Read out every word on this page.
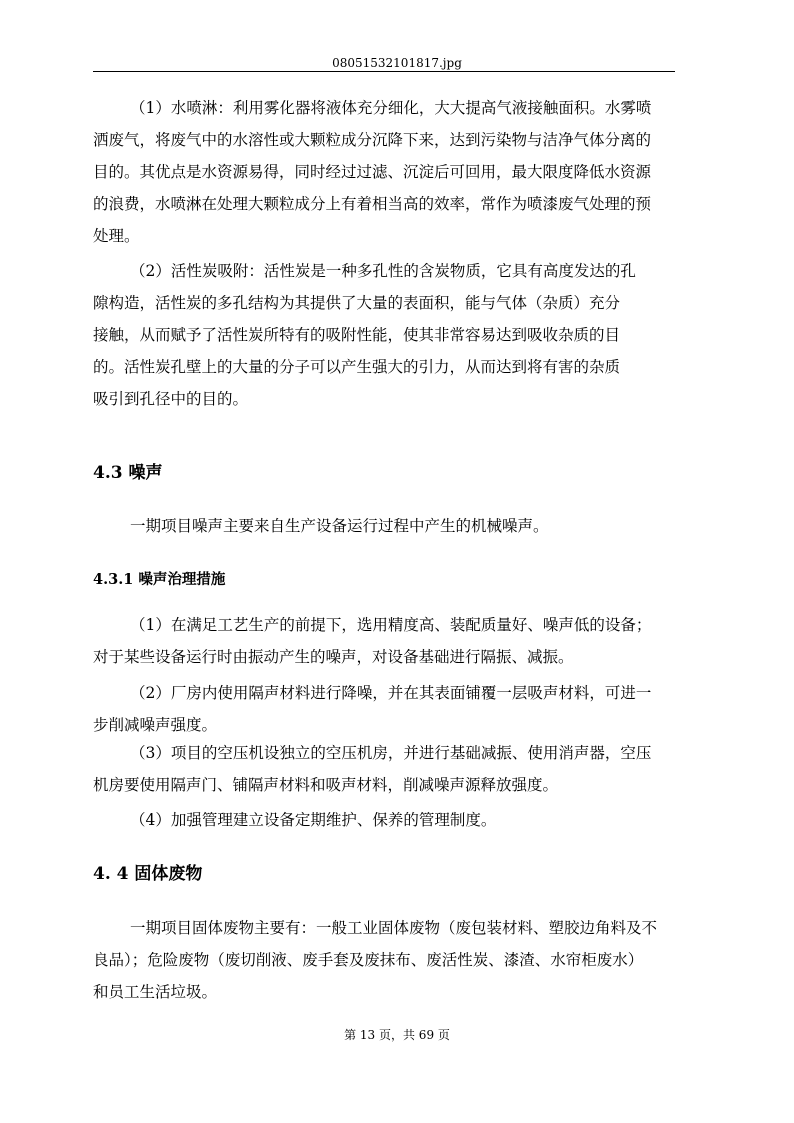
08051532101817.jpg
（1）水喷淋：利用雾化器将液体充分细化，大大提高气液接触面积。水雾喷
洒废气，将废气中的水溶性或大颗粒成分沉降下来，达到污染物与洁净气体分离的
目的。其优点是水资源易得，同时经过过滤、沉淀后可回用，最大限度降低水资源
的浪费，水喷淋在处理大颗粒成分上有着相当高的效率，常作为喷漆废气处理的预
处理。
（2）活性炭吸附：活性炭是一种多孔性的含炭物质，它具有高度发达的孔
隙构造，活性炭的多孔结构为其提供了大量的表面积，能与气体（杂质）充分
接触，从而赋予了活性炭所特有的吸附性能，使其非常容易达到吸收杂质的目
的。活性炭孔壁上的大量的分子可以产生强大的引力，从而达到将有害的杂质
吸引到孔径中的目的。
4.3 噪声
一期项目噪声主要来自生产设备运行过程中产生的机械噪声。
4.3.1 噪声治理措施
（1）在满足工艺生产的前提下，选用精度高、装配质量好、噪声低的设备；
对于某些设备运行时由振动产生的噪声，对设备基础进行隔振、减振。
（2）厂房内使用隔声材料进行降噪，并在其表面铺覆一层吸声材料，可进一
步削减噪声强度。
（3）项目的空压机设独立的空压机房，并进行基础减振、使用消声器，空压
机房要使用隔声门、铺隔声材料和吸声材料，削减噪声源释放强度。
（4）加强管理建立设备定期维护、保养的管理制度。
4. 4 固体废物
一期项目固体废物主要有：一般工业固体废物（废包装材料、塑胶边角料及不
良品）；危险废物（废切削液、废手套及废抹布、废活性炭、漆渣、水帘柜废水）
和员工生活垃圾。
第 13 页，共 69 页
